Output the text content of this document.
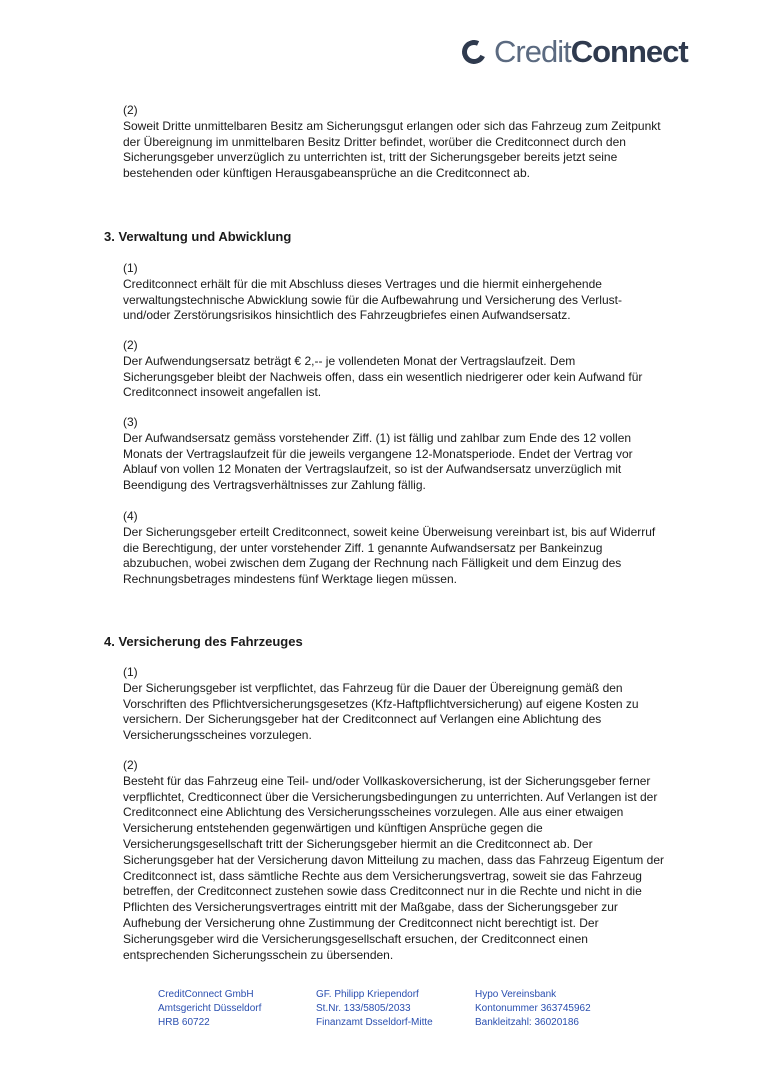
CreditConnect
(2)
Soweit Dritte unmittelbaren Besitz am Sicherungsgut erlangen oder sich das Fahrzeug zum Zeitpunkt
der Übereignung im unmittelbaren Besitz Dritter befindet, worüber die Creditconnect durch den
Sicherungsgeber unverzüglich zu unterrichten ist, tritt der Sicherungsgeber bereits jetzt seine
bestehenden oder künftigen Herausgabeansprüche an die Creditconnect ab.
3. Verwaltung und Abwicklung
(1)
Creditconnect erhält für die mit Abschluss dieses Vertrages und die hiermit einhergehende
verwaltungstechnische Abwicklung sowie für die Aufbewahrung und Versicherung des Verlust-
und/oder Zerstörungsrisikos hinsichtlich des Fahrzeugbriefes einen Aufwandsersatz.
(2)
Der Aufwendungsersatz beträgt € 2,-- je vollendeten Monat der Vertragslaufzeit. Dem
Sicherungsgeber bleibt der Nachweis offen, dass ein wesentlich niedrigerer oder kein Aufwand für
Creditconnect insoweit angefallen ist.
(3)
Der Aufwandsersatz gemäss vorstehender Ziff. (1) ist fällig und zahlbar zum Ende des 12 vollen
Monats der Vertragslaufzeit für die jeweils vergangene 12-Monatsperiode. Endet der Vertrag vor
Ablauf von vollen 12 Monaten der Vertragslaufzeit, so ist der Aufwandsersatz unverzüglich mit
Beendigung des Vertragsverhältnisses zur Zahlung fällig.
(4)
Der Sicherungsgeber erteilt Creditconnect, soweit keine Überweisung vereinbart ist, bis auf Widerruf
die Berechtigung, der unter vorstehender Ziff. 1 genannte Aufwandsersatz per Bankeinzug
abzubuchen, wobei zwischen dem Zugang der Rechnung nach Fälligkeit und dem Einzug des
Rechnungsbetrages mindestens fünf Werktage liegen müssen.
4. Versicherung des Fahrzeuges
(1)
Der Sicherungsgeber ist verpflichtet, das Fahrzeug für die Dauer der Übereignung gemäß den
Vorschriften des Pflichtversicherungsgesetzes (Kfz-Haftpflichtversicherung) auf eigene Kosten zu
versichern. Der Sicherungsgeber hat der Creditconnect auf Verlangen eine Ablichtung des
Versicherungsscheines vorzulegen.
(2)
Besteht für das Fahrzeug eine Teil- und/oder Vollkaskoversicherung, ist der Sicherungsgeber ferner
verpflichtet, Credticonnect über die Versicherungsbedingungen zu unterrichten. Auf Verlangen ist der
Creditconnect eine Ablichtung des Versicherungsscheines vorzulegen. Alle aus einer etwaigen
Versicherung entstehenden gegenwärtigen und künftigen Ansprüche gegen die
Versicherungsgesellschaft tritt der Sicherungsgeber hiermit an die Creditconnect ab. Der
Sicherungsgeber hat der Versicherung davon Mitteilung zu machen, dass das Fahrzeug Eigentum der
Creditconnect ist, dass sämtliche Rechte aus dem Versicherungsvertrag, soweit sie das Fahrzeug
betreffen, der Creditconnect zustehen sowie dass Creditconnect nur in die Rechte und nicht in die
Pflichten des Versicherungsvertrages eintritt mit der Maßgabe, dass der Sicherungsgeber zur
Aufhebung der Versicherung ohne Zustimmung der Creditconnect nicht berechtigt ist. Der
Sicherungsgeber wird die Versicherungsgesellschaft ersuchen, der Creditconnect einen
entsprechenden Sicherungsschein zu übersenden.
CreditConnect GmbH
Amtsgericht Düsseldorf
HRB 60722
GF. Philipp Kriependorf
St.Nr. 133/5805/2033
Finanzamt Dsseldorf-Mitte
Hypo Vereinsbank
Kontonummer 363745962
Bankleitzahl: 36020186
